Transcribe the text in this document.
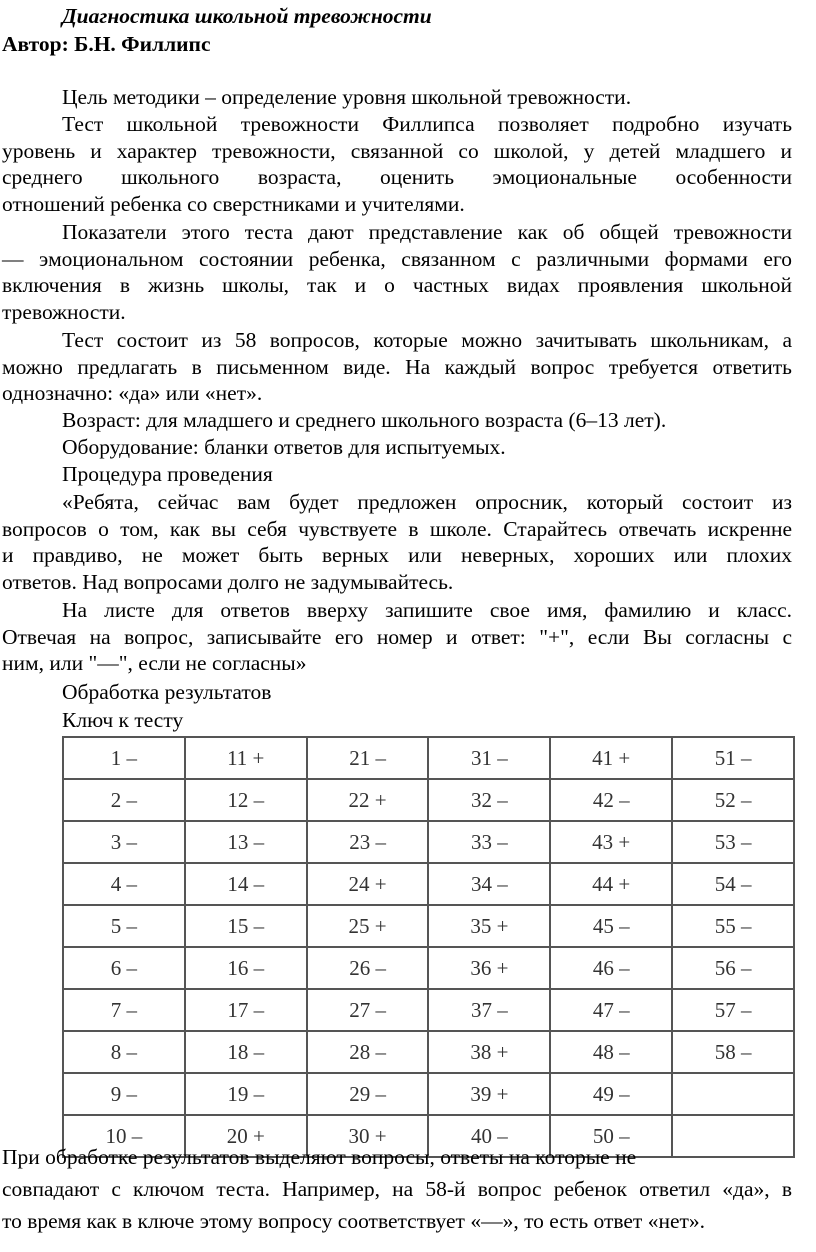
Диагностика школьной тревожности
Автор: Б.Н. Филлипс
Цель методики – определение уровня школьной тревожности.
Тест школьной тревожности Филлипса позволяет подробно изучать
уровень и характер тревожности, связанной со школой, у детей младшего и
среднего школьного возраста, оценить эмоциональные особенности
отношений ребенка со сверстниками и учителями.
Показатели этого теста дают представление как об общей тревожности
— эмоциональном состоянии ребенка, связанном с различными формами его
включения в жизнь школы, так и о частных видах проявления школьной
тревожности.
Тест состоит из 58 вопросов, которые можно зачитывать школьникам, а
можно предлагать в письменном виде. На каждый вопрос требуется ответить
однозначно: «да» или «нет».
Возраст: для младшего и среднего школьного возраста (6–13 лет).
Оборудование: бланки ответов для испытуемых.
Процедура проведения
«Ребята, сейчас вам будет предложен опросник, который состоит из
вопросов о том, как вы себя чувствуете в школе. Старайтесь отвечать искренне
и правдиво, не может быть верных или неверных, хороших или плохих
ответов. Над вопросами долго не задумывайтесь.
На листе для ответов вверху запишите свое имя, фамилию и класс.
Отвечая на вопрос, записывайте его номер и ответ: "+", если Вы согласны с
ним, или "—", если не согласны»
Обработка результатов
Ключ к тесту
1 –	11 +	21 –	31 –	41 +	51 –
2 –	12 –	22 +	32 –	42 –	52 –
3 –	13 –	23 –	33 –	43 +	53 –
4 –	14 –	24 +	34 –	44 +	54 –
5 –	15 –	25 +	35 +	45 –	55 –
6 –	16 –	26 –	36 +	46 –	56 –
7 –	17 –	27 –	37 –	47 –	57 –
8 –	18 –	28 –	38 +	48 –	58 –
9 –	19 –	29 –	39 +	49 –	
10 –	20 +	30 +	40 –	50 –	
При обработке результатов выделяют вопросы, ответы на которые не
совпадают с ключом теста. Например, на 58-й вопрос ребенок ответил «да», в
то время как в ключе этому вопросу соответствует «—», то есть ответ «нет».
